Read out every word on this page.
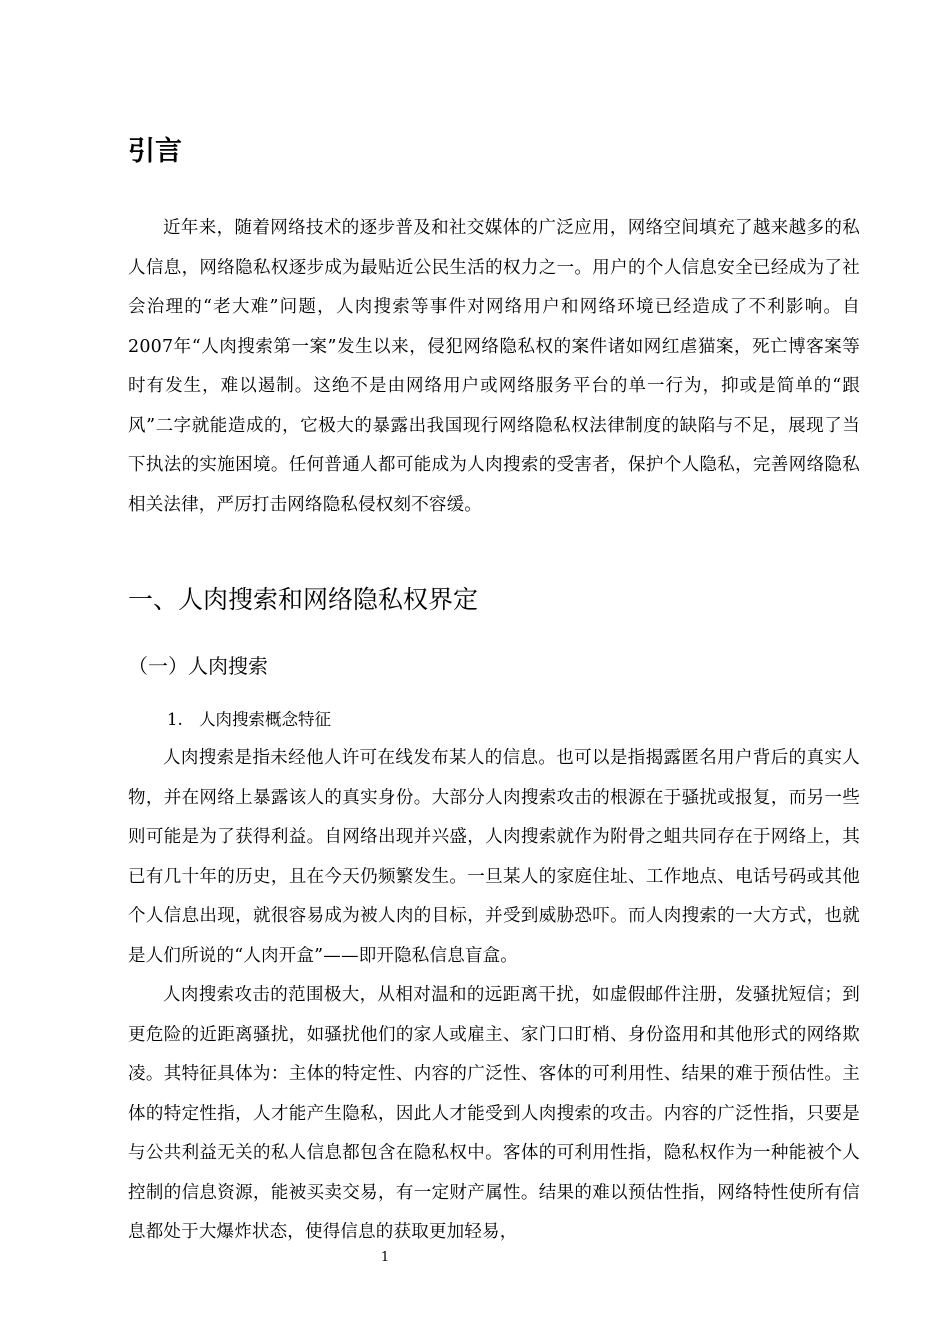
引言

近年来，随着网络技术的逐步普及和社交媒体的广泛应用，网络空间填充了越来越多的私人信息，网络隐私权逐步成为最贴近公民生活的权力之一。用户的个人信息安全已经成为了社会治理的“老大难”问题，人肉搜索等事件对网络用户和网络环境已经造成了不利影响。自2007年“人肉搜索第一案”发生以来，侵犯网络隐私权的案件诸如网红虐猫案，死亡博客案等时有发生，难以遏制。这绝不是由网络用户或网络服务平台的单一行为，抑或是简单的“跟风”二字就能造成的，它极大的暴露出我国现行网络隐私权法律制度的缺陷与不足，展现了当下执法的实施困境。任何普通人都可能成为人肉搜索的受害者，保护个人隐私，完善网络隐私相关法律，严厉打击网络隐私侵权刻不容缓。

一、人肉搜索和网络隐私权界定
（一）人肉搜索
1. 人肉搜索概念特征

人肉搜索是指未经他人许可在线发布某人的信息。也可以是指揭露匿名用户背后的真实人物，并在网络上暴露该人的真实身份。大部分人肉搜索攻击的根源在于骚扰或报复，而另一些则可能是为了获得利益。自网络出现并兴盛，人肉搜索就作为附骨之蛆共同存在于网络上，其已有几十年的历史，且在今天仍频繁发生。一旦某人的家庭住址、工作地点、电话号码或其他个人信息出现，就很容易成为被人肉的目标，并受到威胁恐吓。而人肉搜索的一大方式，也就是人们所说的“人肉开盒”——即开隐私信息盲盒。

人肉搜索攻击的范围极大，从相对温和的远距离干扰，如虚假邮件注册，发骚扰短信；到更危险的近距离骚扰，如骚扰他们的家人或雇主、家门口盯梢、身份盗用和其他形式的网络欺凌。其特征具体为：主体的特定性、内容的广泛性、客体的可利用性、结果的难于预估性。主体的特定性指，人才能产生隐私，因此人才能受到人肉搜索的攻击。内容的广泛性指，只要是与公共利益无关的私人信息都包含在隐私权中。客体的可利用性指，隐私权作为一种能被个人控制的信息资源，能被买卖交易，有一定财产属性。结果的难以预估性指，网络特性使所有信息都处于大爆炸状态，使得信息的获取更加轻易，

1
